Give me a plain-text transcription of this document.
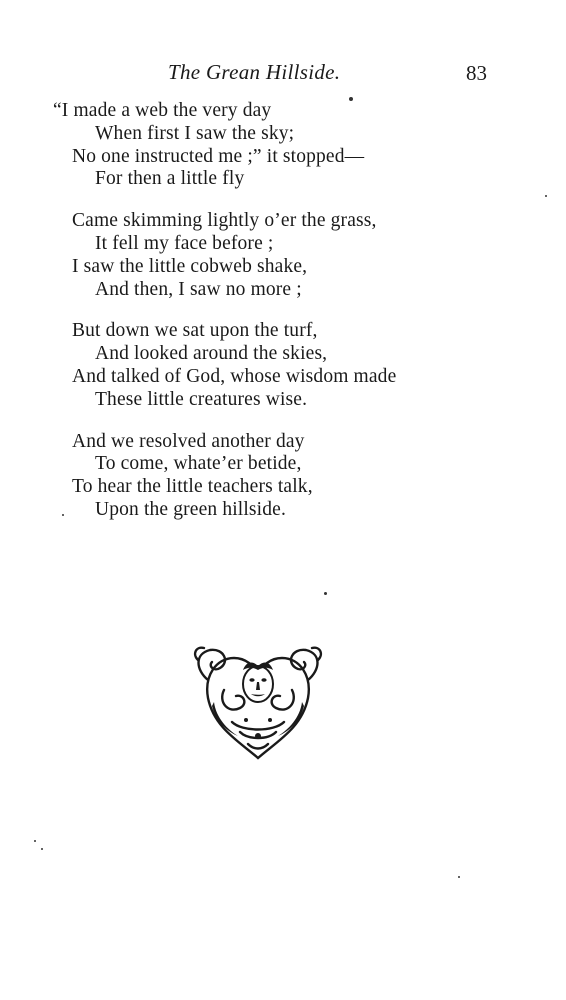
The Grean Hillside.	83
“I made a web the very day
When first I saw the sky;
No one instructed me ;” it stopped—
For then a little fly
Came skimming lightly o’er the grass,
It fell my face before ;
I saw the little cobweb shake,
And then, I saw no more ;
But down we sat upon the turf,
And looked around the skies,
And talked of God, whose wisdom made
These little creatures wise.
And we resolved another day
To come, whate’er betide,
To hear the little teachers talk,
Upon the green hillside.
